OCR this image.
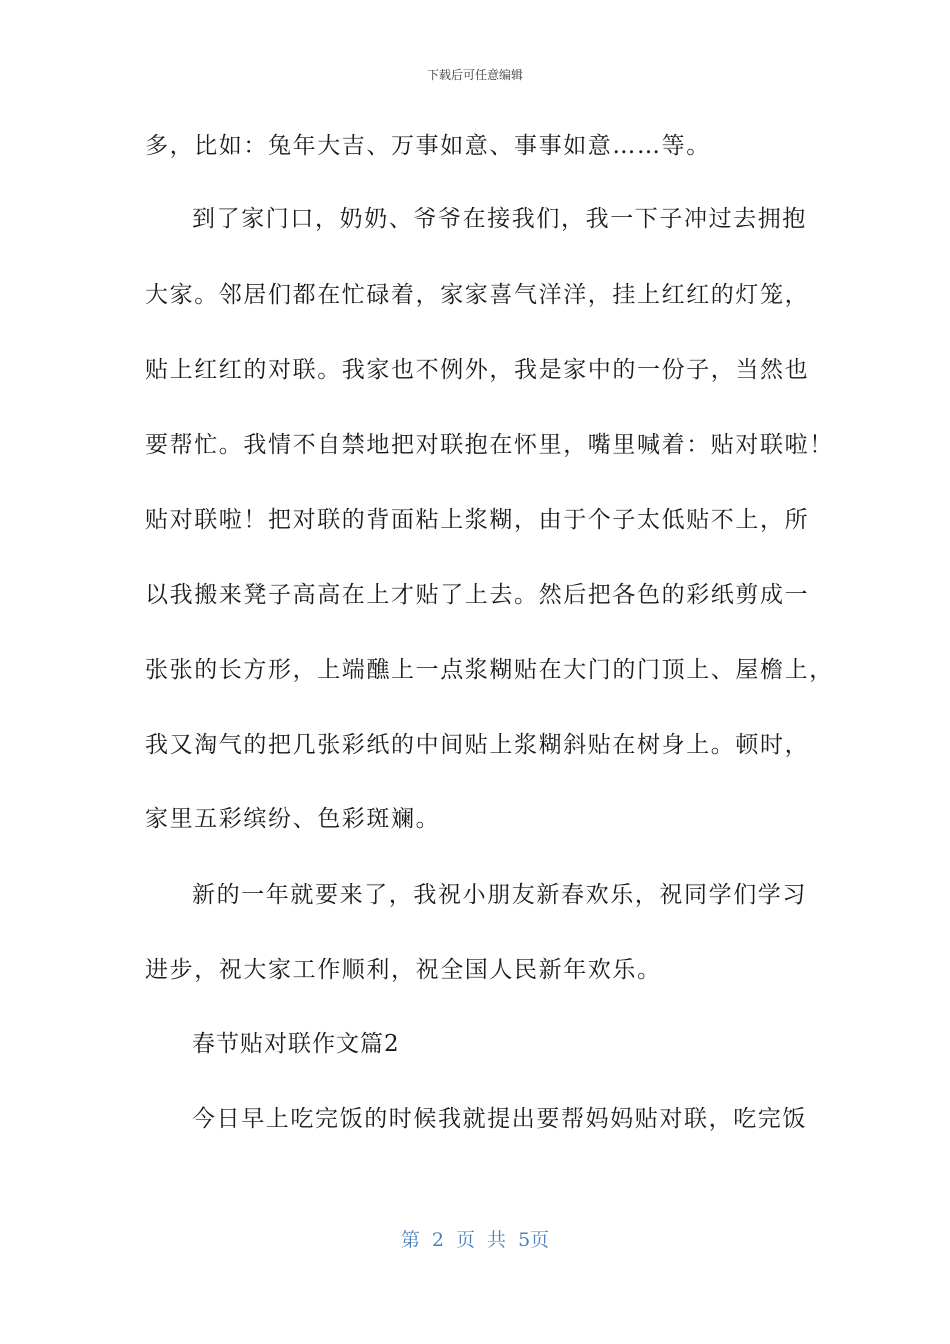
下载后可任意编辑
多，比如：兔年大吉、万事如意、事事如意……等。
到了家门口，奶奶、爷爷在接我们，我一下子冲过去拥抱
大家。邻居们都在忙碌着，家家喜气洋洋，挂上红红的灯笼，
贴上红红的对联。我家也不例外，我是家中的一份子，当然也
要帮忙。我情不自禁地把对联抱在怀里，嘴里喊着：贴对联啦！
贴对联啦！把对联的背面粘上浆糊，由于个子太低贴不上，所
以我搬来凳子高高在上才贴了上去。然后把各色的彩纸剪成一
张张的长方形，上端醮上一点浆糊贴在大门的门顶上、屋檐上，
我又淘气的把几张彩纸的中间贴上浆糊斜贴在树身上。顿时，
家里五彩缤纷、色彩斑斓。
新的一年就要来了，我祝小朋友新春欢乐，祝同学们学习
进步，祝大家工作顺利，祝全国人民新年欢乐。
春节贴对联作文篇2
今日早上吃完饭的时候我就提出要帮妈妈贴对联，吃完饭
第 2 页 共 5页
